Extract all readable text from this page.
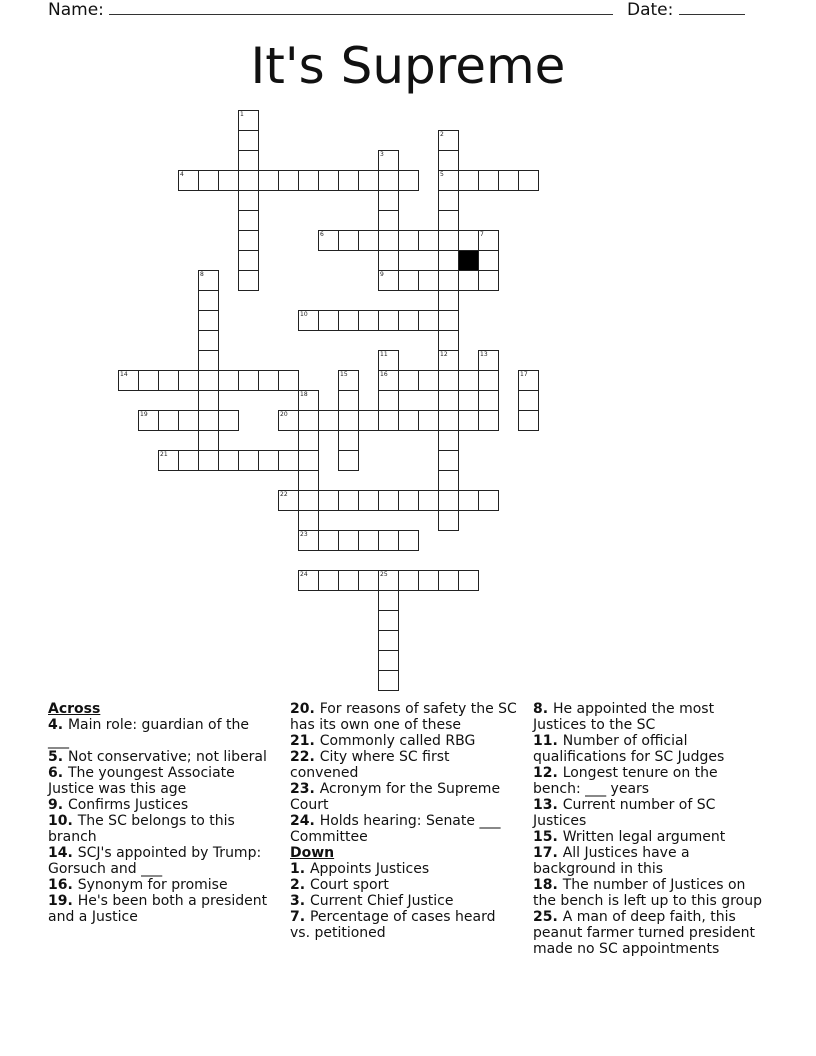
Name:	Date:
It's Supreme
1
2
3
4	5
6	7
8	9
10
11	12	13
14	15	16	17
18
19	20
21
22
23
24	25
Across

4. Main role: guardian of the ___

5. Not conservative; not liberal

6. The youngest Associate Justice was this age

9. Confirms Justices

10. The SC belongs to this branch

14. SCJ's appointed by Trump: Gorsuch and ___

16. Synonym for promise

19. He's been both a president and a Justice

20. For reasons of safety the SC has its own one of these

21. Commonly called RBG

22. City where SC first convened

23. Acronym for the Supreme Court

24. Holds hearing: Senate ___ Committee

Down

1. Appoints Justices

2. Court sport

3. Current Chief Justice

7. Percentage of cases heard vs. petitioned

8. He appointed the most Justices to the SC

11. Number of official qualifications for SC Judges

12. Longest tenure on the bench: ___ years

13. Current number of SC Justices

15. Written legal argument

17. All Justices have a background in this

18. The number of Justices on the bench is left up to this group

25. A man of deep faith, this peanut farmer turned president made no SC appointments
